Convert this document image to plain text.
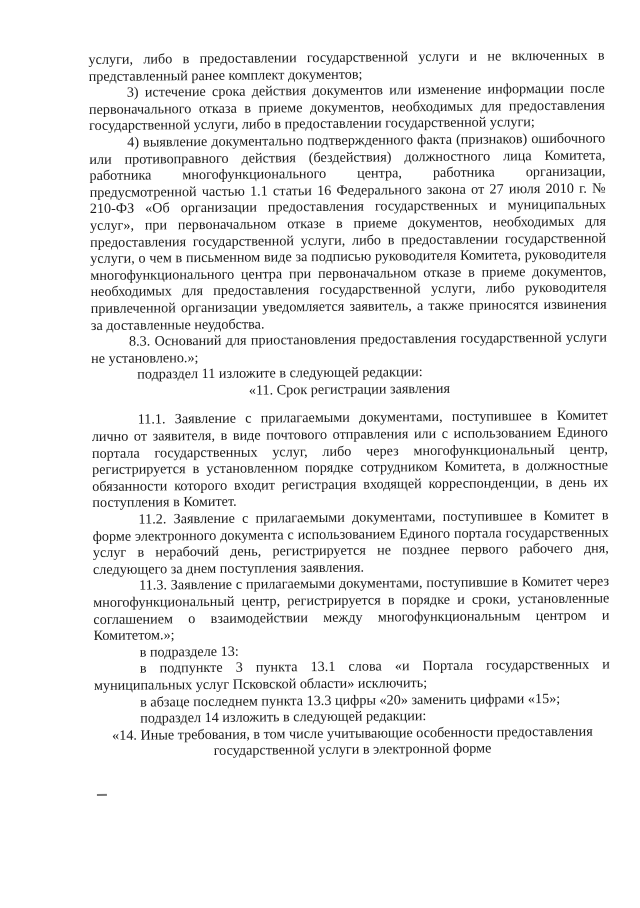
услуги, либо в предоставлении государственной услуги и не включенных в представленный ранее комплект документов;

3) истечение срока действия документов или изменение информации после первоначального отказа в приеме документов, необходимых для предоставления государственной услуги, либо в предоставлении государственной услуги;

4) выявление документально подтвержденного факта (признаков) ошибочного или противоправного действия (бездействия) должностного лица Комитета, работника многофункционального центра, работника организации, предусмотренной частью 1.1 статьи 16 Федерального закона от 27 июля 2010 г. № 210-ФЗ «Об организации предоставления государственных и муниципальных услуг», при первоначальном отказе в приеме документов, необходимых для предоставления государственной услуги, либо в предоставлении государственной услуги, о чем в письменном виде за подписью руководителя Комитета, руководителя многофункционального центра при первоначальном отказе в приеме документов, необходимых для предоставления государственной услуги, либо руководителя привлеченной организации уведомляется заявитель, а также приносятся извинения за доставленные неудобства.

8.3. Оснований для приостановления предоставления государственной услуги не установлено.»;

подраздел 11 изложите в следующей редакции:

«11. Срок регистрации заявления

11.1. Заявление с прилагаемыми документами, поступившее в Комитет лично от заявителя, в виде почтового отправления или с использованием Единого портала государственных услуг, либо через многофункциональный центр, регистрируется в установленном порядке сотрудником Комитета, в должностные обязанности которого входит регистрация входящей корреспонденции, в день их поступления в Комитет.

11.2. Заявление с прилагаемыми документами, поступившее в Комитет в форме электронного документа с использованием Единого портала государственных услуг в нерабочий день, регистрируется не позднее первого рабочего дня, следующего за днем поступления заявления.

11.3. Заявление с прилагаемыми документами, поступившие в Комитет через многофункциональный центр, регистрируется в порядке и сроки, установленные соглашением о взаимодействии между многофункциональным центром и Комитетом.»;

в подразделе 13:

в подпункте 3 пункта 13.1 слова «и Портала государственных и муниципальных услуг Псковской области» исключить;

в абзаце последнем пункта 13.3 цифры «20» заменить цифрами «15»;

подраздел 14 изложить в следующей редакции:

«14. Иные требования, в том числе учитывающие особенности предоставления государственной услуги в электронной форме
